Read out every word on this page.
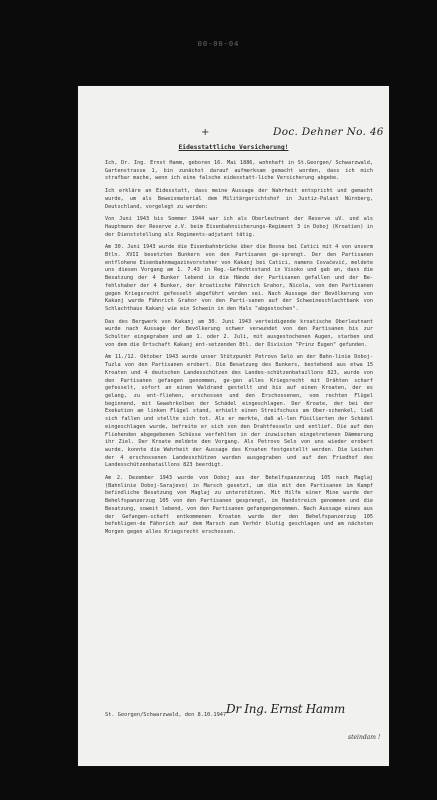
00-00-04
+	Doc. Dehner No. 46
Eidesstattliche Versicherung!

Ich, Dr. Ing. Ernst Hamm, geboren 16. Mai 1886, wohnhaft in St.Georgen/ Schwarzwald, Gartenstrasse 1, bin zunächst darauf aufmerksam gemacht worden, dass ich mich strafbar mache, wenn ich eine falsche eidesstatt-liche Versicherung abgebe.

Ich erkläre an Eidesstatt, dass meine Aussage der Wahrheit entspricht und gemacht wurde, um als Beweismaterial dem Militärgerichtshof in Justiz-Palast Nürnberg, Deutschland, vorgelegt zu werden:

Von Juni 1943 bis Sommer 1944 war ich als Oberleutnant der Reserve uV. und als Hauptmann der Reserve z.V. beim Eisenbahnsicherungs-Regiment 3 in Doboj (Kroatien) in der Dienststellung als Regiments-adjutant tätig.

Am 30. Juni 1943 wurde die Eisenbahnbrücke über die Bosna bei Catici mit 4 von unserm Btln. XVII besetzten Bunkern von den Partisanen ge-sprengt. Der den Partisanen entflohene Eisenbahnmagazinvorsteher von Kakanj bei Catici, namens Covačević, meldete uns diesen Vorgang am 1. 7.43 in Reg.-Gefechtsstand in Visoko und gab an, dass die Besatzung der 4 Bunker lebend in die Hände der Partisanen gefallen und der Be-fehlshaber der 4 Bunker, der kroatische Fähnrich Grahor, Nicola, von den Partisanen gegen Kriegsrecht gefesselt abgeführt worden sei. Nach Aussage der Bevölkerung von Kakanj wurde Fähnrich Grahor von den Parti-sanen auf der Schweineschlachtbank von Schlachthaus Kakanj wie ein Schwein in den Hals "abgestochen".

Das des Bergwerk von Kakanj am 30. Juni 1943 verteidigende kroatische Oberleutnant wurde nach Aussage der Bevölkerung schwer verwundet von den Partisanen bis zur Schulter eingegraben und am 1. oder 2. Juli, mit ausgestochenen Augen, starben und von dem die Ortschaft Kakanj ent-setzenden Btl. der Division "Prinz Eugen" gefunden.

Am 11./12. Oktober 1943 wurde unser Stützpunkt Petrovo Selo an der Bahn-linie Doboj-Tuzla von den Partisanen erobert. Die Besatzung des Bunkers, bestehend aus etwa 15 Kroaten und 4 deutschen Landesschützen des Landes-schützenbataillons 823, wurde von den Partisanen gefangen genommen, ge-gen alles Kriegsrecht mit Drähten scharf gefesselt, sofort an einen Waldrand gestellt und bis auf einen Kroaten, der es gelang, zu ent-fliehen, erschossen und den Erschossenen, vom rechten Flügel beginnend, mit Gewehrkolben der Schädel eingeschlagen. Der Kroate, der bei der Exekution am linken Flügel stand, erhielt einen Streifschuss am Ober-schenkel, ließ sich fallen und stellte sich tot. Als er merkte, daß al-len Füsilierten der Schädel eingeschlagen wurde, befreite er sich von den Drahtfesseln und entlief. Die auf den Fliehenden abgegebenen Schüsse verfehlten in der inzwischen eingetretenen Dämmerung ihr Ziel. Der Kroate meldete den Vorgang. Als Petrovo Selo von uns wieder erobert wurde, konnte die Wahrheit der Aussage des Kroaten festgestellt werden. Die Leichen der 4 erschossenen Landesschützen wurden ausgegraben und auf den Friedhof des Landesschützenbataillons 823 beerdigt.

Am 2. Dezember 1943 wurde von Doboj aus der Behelfspanzerzug 105 nach Maglaj (Bahnlinie Doboj-Sarajevo) in Marsch gesetzt, um die mit den Partisanen im Kampf befindliche Besatzung von Maglaj zu unterstützen. Mit Hilfe einer Mine wurde der Behelfspanzerzug 105 von den Partisanen gesprengt, im Handstreich genommen und die Besatzung, soweit lebend, von den Partisanen gefangengenommen. Nach Aussage eines aus der Gefangen-schaft entkommenen Kroaten wurde der den Behelfspanzerzug 105 befehligen-de Fähnrich auf dem Marsch zum Verhör blutig geschlagen und am nächsten Morgen gegen alles Kriegsrecht erschossen.

St. Georgen/Schwarzwald, den 8.10.1947 Dr Ing. Ernst Hamm
steindam !
